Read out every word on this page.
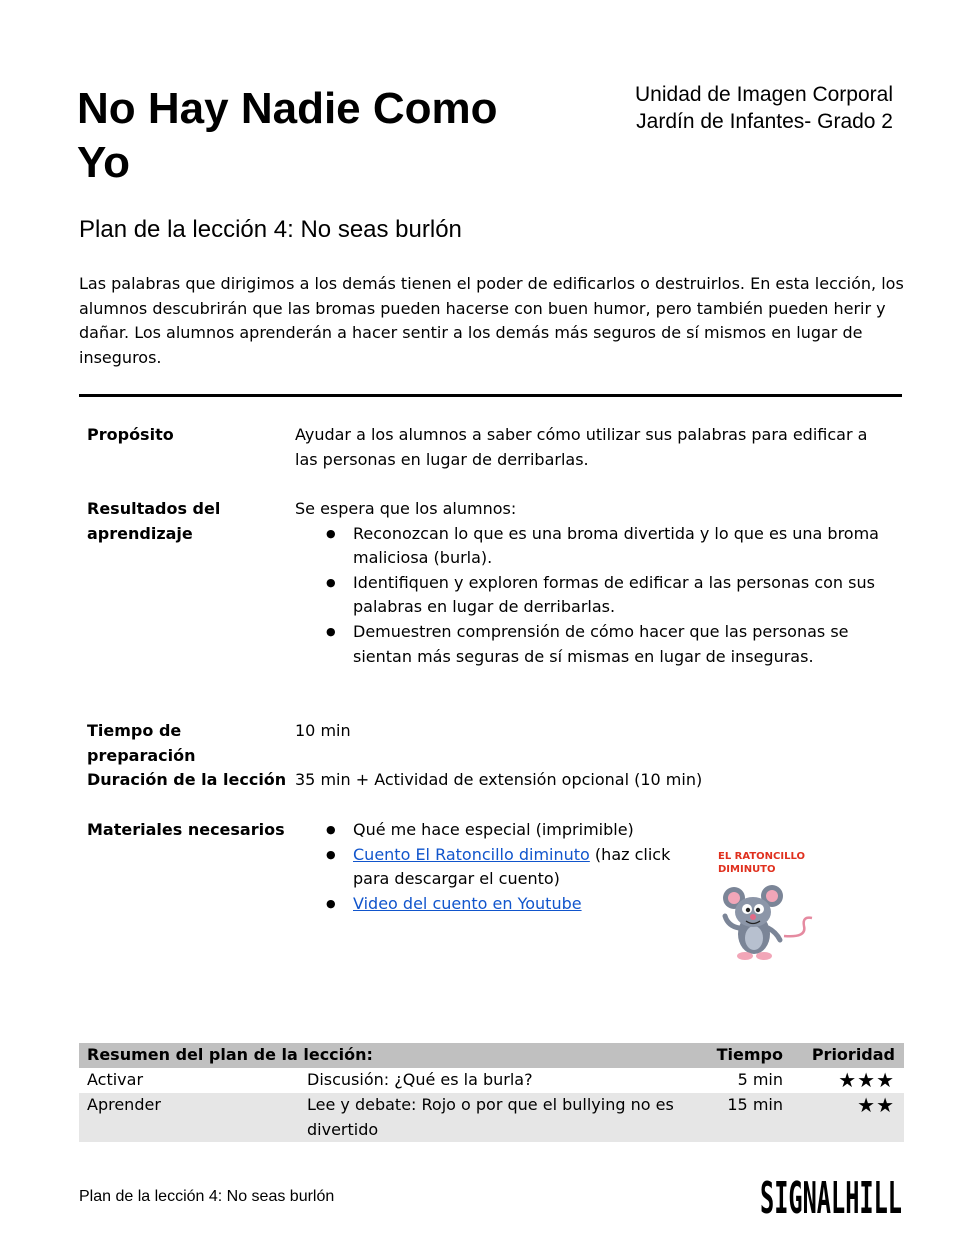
No Hay Nadie Como Yo
Unidad de Imagen Corporal
Jardín de Infantes- Grado 2
Plan de la lección 4: No seas burlón

Las palabras que dirigimos a los demás tienen el poder de edificarlos o destruirlos. En esta lección, los alumnos descubrirán que las bromas pueden hacerse con buen humor, pero también pueden herir y dañar. Los alumnos aprenderán a hacer sentir a los demás más seguros de sí mismos en lugar de inseguros.

Propósito	Ayudar a los alumnos a saber cómo utilizar sus palabras para edificar a las personas en lugar de derribarlas.
Resultados del aprendizaje
Se espera que los alumnos:
● Reconozcan lo que es una broma divertida y lo que es una broma maliciosa (burla).
● Identifiquen y exploren formas de edificar a las personas con sus palabras en lugar de derribarlas.
● Demuestren comprensión de cómo hacer que las personas se sientan más seguras de sí mismas en lugar de inseguras.
Tiempo de preparación
10 min
Duración de la lección 35 min + Actividad de extensión opcional (10 min)
Materiales necesarios
●	Qué me hace especial (imprimible)
● Cuento El Ratoncillo diminuto (haz click para descargar el cuento)
● Video del cuento en Youtube
EL RATONCILLO DIMINUTO
Resumen del plan de la lección:	Tiempo	Prioridad
Activar	Discusión: ¿Qué es la burla?	5 min	★★★
Aprender	Lee y debate: Rojo o por que el bullying no es divertido
15 min	★★
Plan de la lección 4: No seas burlón	SIGNALHILL
